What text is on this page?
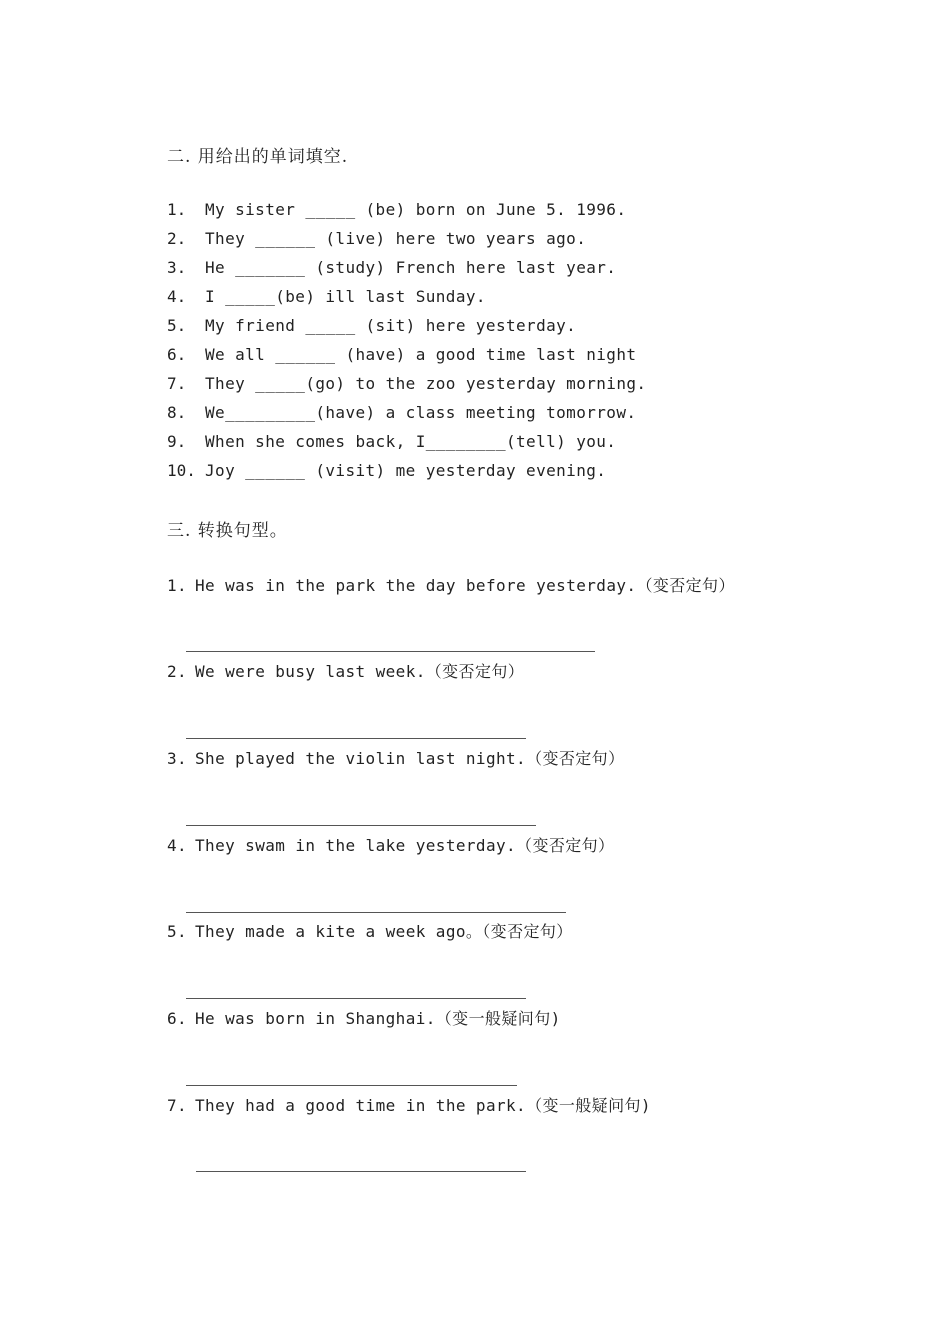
二. 用给出的单词填空.
1. My sister _____ (be) born on June 5. 1996.
2. They ______ (live) here two years ago.
3. He _______ (study) French here last year.
4. I _____(be) ill last Sunday.
5. My friend _____ (sit) here yesterday.
6. We all ______ (have) a good time last night
7. They _____(go) to the zoo yesterday morning.
8. We_________(have) a class meeting tomorrow.
9. When she comes back, I________(tell) you.
10. Joy ______ (visit) me yesterday evening.
三. 转换句型。
1. He was in the park the day before yesterday.（变否定句）
2. We were busy last week.（变否定句）
3. She played the violin last night.（变否定句）
4. They swam in the lake yesterday.（变否定句）
5. They made a kite a week ago。（变否定句）
6. He was born in Shanghai.（变一般疑问句)
7. They had a good time in the park.（变一般疑问句)
